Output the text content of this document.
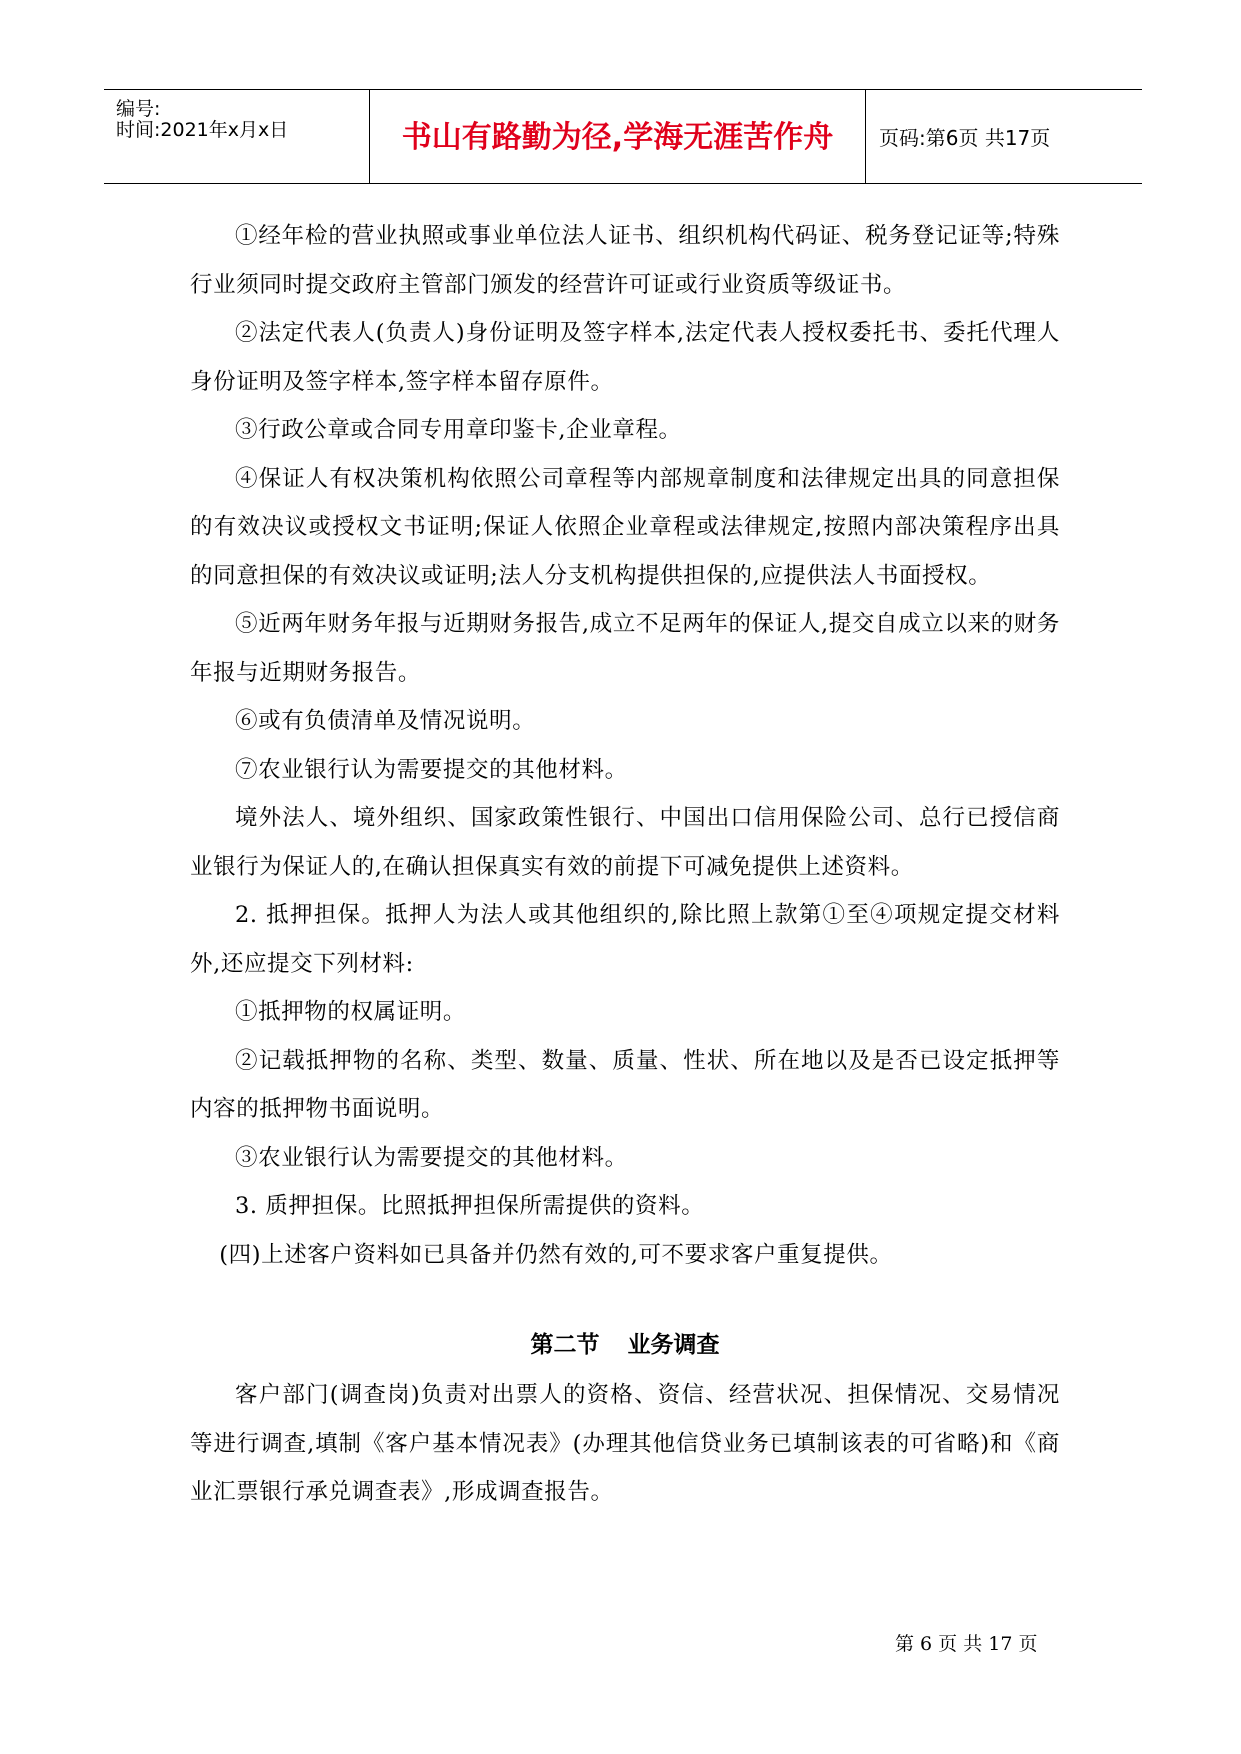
编号:
时间:2021年x月x日	书山有路勤为径,学海无涯苦作舟	页码:第6页 共17页

①经年检的营业执照或事业单位法人证书、组织机构代码证、税务登记证等;特殊行业须同时提交政府主管部门颁发的经营许可证或行业资质等级证书。

②法定代表人(负责人)身份证明及签字样本,法定代表人授权委托书、委托代理人身份证明及签字样本,签字样本留存原件。

③行政公章或合同专用章印鉴卡,企业章程。

④保证人有权决策机构依照公司章程等内部规章制度和法律规定出具的同意担保的有效决议或授权文书证明;保证人依照企业章程或法律规定,按照内部决策程序出具的同意担保的有效决议或证明;法人分支机构提供担保的,应提供法人书面授权。

⑤近两年财务年报与近期财务报告,成立不足两年的保证人,提交自成立以来的财务年报与近期财务报告。

⑥或有负债清单及情况说明。

⑦农业银行认为需要提交的其他材料。

境外法人、境外组织、国家政策性银行、中国出口信用保险公司、总行已授信商业银行为保证人的,在确认担保真实有效的前提下可减免提供上述资料。

2. 抵押担保。抵押人为法人或其他组织的,除比照上款第①至④项规定提交材料外,还应提交下列材料:

①抵押物的权属证明。

②记载抵押物的名称、类型、数量、质量、性状、所在地以及是否已设定抵押等内容的抵押物书面说明。

③农业银行认为需要提交的其他材料。

3. 质押担保。比照抵押担保所需提供的资料。

(四)上述客户资料如已具备并仍然有效的,可不要求客户重复提供。

第二节 业务调查

客户部门(调查岗)负责对出票人的资格、资信、经营状况、担保情况、交易情况等进行调查,填制《客户基本情况表》(办理其他信贷业务已填制该表的可省略)和《商业汇票银行承兑调查表》,形成调查报告。

第 6 页 共 17 页
